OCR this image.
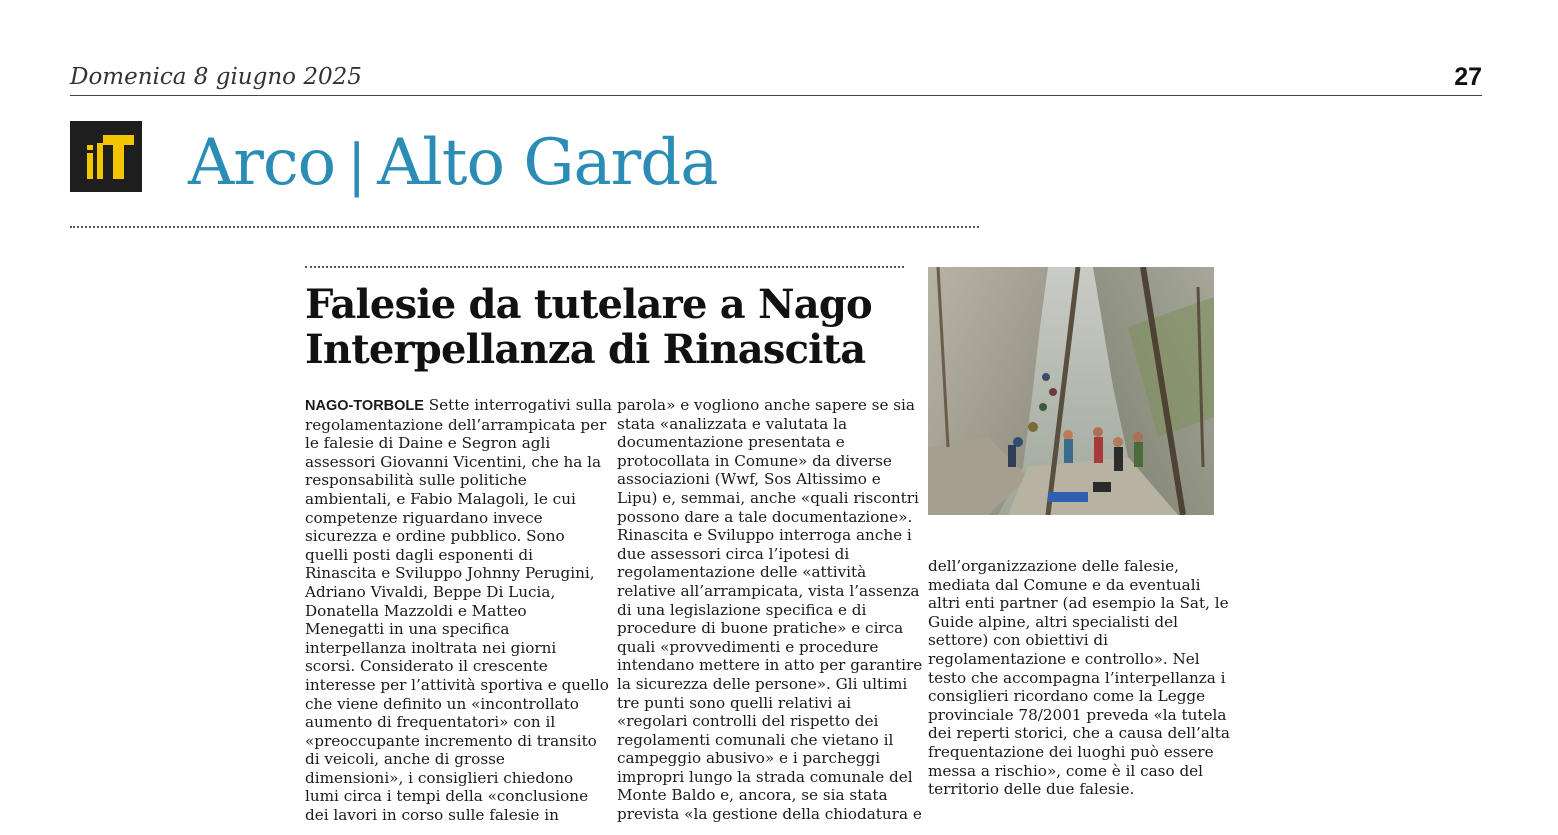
Domenica 8 giugno 2025	27
Arco | Alto Garda
Falesie da tutelare a Nago
Interpellanza di Rinascita
NAGO-TORBOLE Sette interrogativi sulla
regolamentazione dell’arrampicata per
le falesie di Daine e Segron agli
assessori Giovanni Vicentini, che ha la
responsabilità sulle politiche
ambientali, e Fabio Malagoli, le cui
competenze riguardano invece
sicurezza e ordine pubblico. Sono
quelli posti dagli esponenti di
Rinascita e Sviluppo Johnny Perugini,
Adriano Vivaldi, Beppe Di Lucia,
Donatella Mazzoldi e Matteo
Menegatti in una specifica
interpellanza inoltrata nei giorni
scorsi. Considerato il crescente
interesse per l’attività sportiva e quello
che viene definito un «incontrollato
aumento di frequentatori» con il
«preoccupante incremento di transito
di veicoli, anche di grosse
dimensioni», i consiglieri chiedono
lumi circa i tempi della «conclusione
dei lavori in corso sulle falesie in
parola» e vogliono anche sapere se sia
stata «analizzata e valutata la
documentazione presentata e
protocollata in Comune» da diverse
associazioni (Wwf, Sos Altissimo e
Lipu) e, semmai, anche «quali riscontri
possono dare a tale documentazione».
Rinascita e Sviluppo interroga anche i
due assessori circa l’ipotesi di
regolamentazione delle «attività
relative all’arrampicata, vista l’assenza
di una legislazione specifica e di
procedure di buone pratiche» e circa
quali «provvedimenti e procedure
intendano mettere in atto per garantire
la sicurezza delle persone». Gli ultimi
tre punti sono quelli relativi ai
«regolari controlli del rispetto dei
regolamenti comunali che vietano il
campeggio abusivo» e i parcheggi
impropri lungo la strada comunale del
Monte Baldo e, ancora, se sia stata
prevista «la gestione della chiodatura e
dell’organizzazione delle falesie,
mediata dal Comune e da eventuali
altri enti partner (ad esempio la Sat, le
Guide alpine, altri specialisti del
settore) con obiettivi di
regolamentazione e controllo». Nel
testo che accompagna l’interpellanza i
consiglieri ricordano come la Legge
provinciale 78/2001 preveda «la tutela
dei reperti storici, che a causa dell’alta
frequentazione dei luoghi può essere
messa a rischio», come è il caso del
territorio delle due falesie.
